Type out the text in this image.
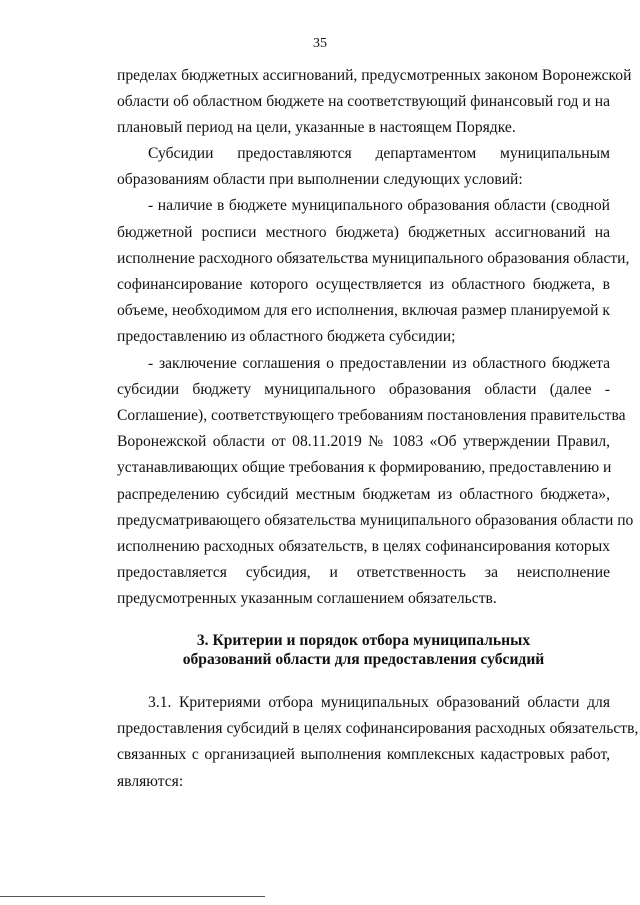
35
пределах бюджетных ассигнований, предусмотренных законом Воронежской
области об областном бюджете на соответствующий финансовый год и на
плановый период на цели, указанные в настоящем Порядке.
Субсидии предоставляются департаментом муниципальным
образованиям области при выполнении следующих условий:
- наличие в бюджете муниципального образования области (сводной
бюджетной росписи местного бюджета) бюджетных ассигнований на
исполнение расходного обязательства муниципального образования области,
софинансирование которого осуществляется из областного бюджета, в
объеме, необходимом для его исполнения, включая размер планируемой к
предоставлению из областного бюджета субсидии;
- заключение соглашения о предоставлении из областного бюджета
субсидии бюджету муниципального образования области (далее -
Соглашение), соответствующего требованиям постановления правительства
Воронежской области от 08.11.2019 № 1083 «Об утверждении Правил,
устанавливающих общие требования к формированию, предоставлению и
распределению субсидий местным бюджетам из областного бюджета»,
предусматривающего обязательства муниципального образования области по
исполнению расходных обязательств, в целях софинансирования которых
предоставляется субсидия, и ответственность за неисполнение
предусмотренных указанным соглашением обязательств.
3. Критерии и порядок отбора муниципальных
образований области для предоставления субсидий
3.1. Критериями отбора муниципальных образований области для
предоставления субсидий в целях софинансирования расходных обязательств,
связанных с организацией выполнения комплексных кадастровых работ,
являются:
